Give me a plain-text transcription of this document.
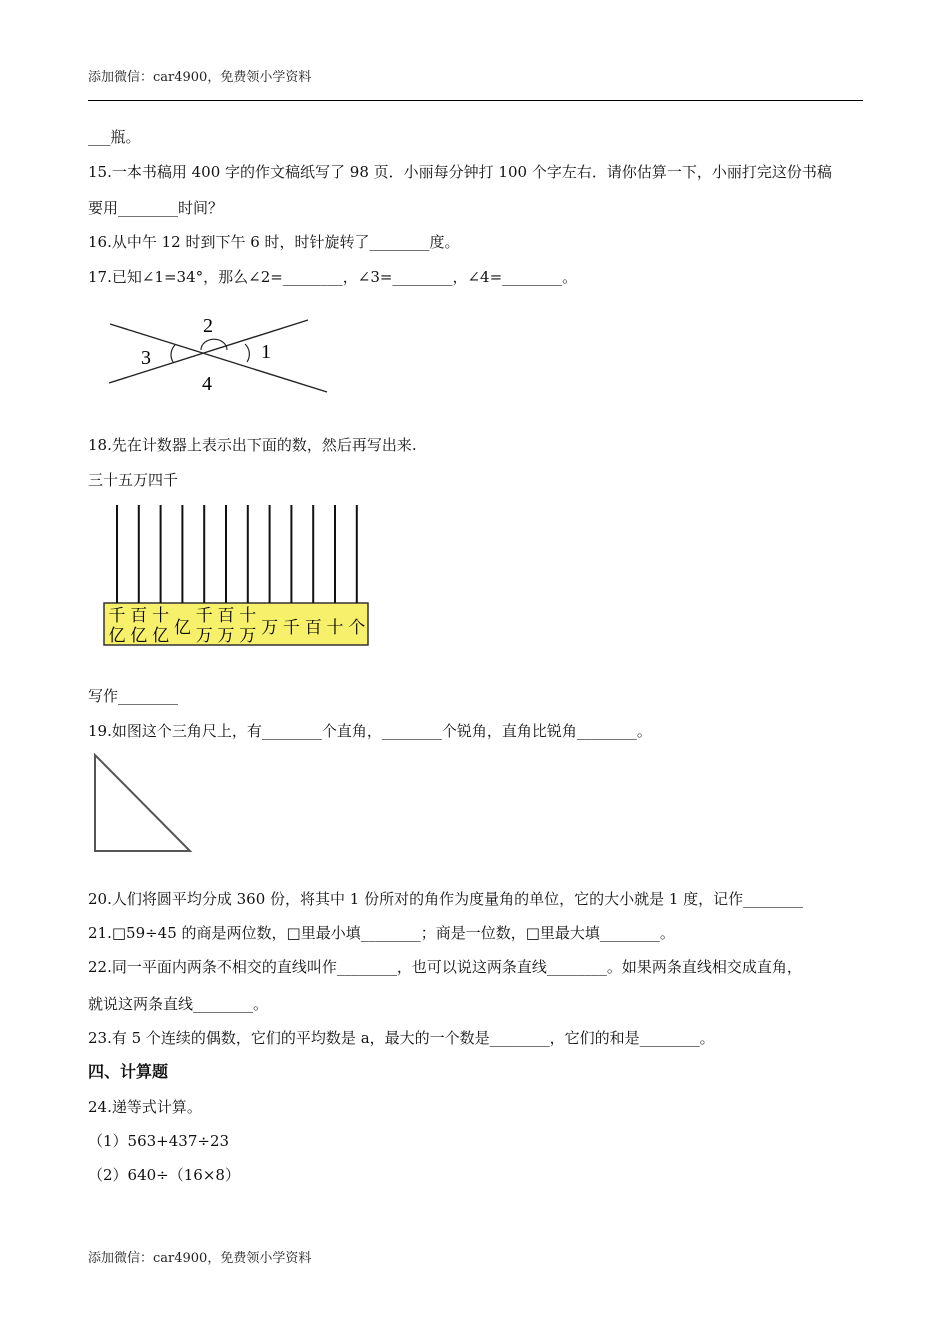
添加微信：car4900，免费领小学资料
___瓶。
15.一本书稿用 400 字的作文稿纸写了 98 页．小丽每分钟打 100 个字左右．请你估算一下，小丽打完这份书稿
要用________时间？
16.从中午 12 时到下午 6 时，时针旋转了________度。
17.已知∠1=34°，那么∠2=________，∠3=________，∠4=________。
1
2
3
4
18.先在计数器上表示出下面的数，然后再写出来.
三十五万四千
千
亿
百
亿
十
亿 亿
千
万
百
万
十
万 万 千 百 十 个
写作________
19.如图这个三角尺上，有________个直角，________个锐角，直角比锐角________。
20.人们将圆平均分成 360 份，将其中 1 份所对的角作为度量角的单位，它的大小就是 1 度，记作________
21.□59÷45 的商是两位数，□里最小填________；商是一位数，□里最大填________。
22.同一平面内两条不相交的直线叫作________，也可以说这两条直线________。如果两条直线相交成直角，
就说这两条直线________。
23.有 5 个连续的偶数，它们的平均数是 a，最大的一个数是________，它们的和是________。
四、计算题
24.递等式计算。
（1）563+437÷23
（2）640÷（16×8）
添加微信：car4900，免费领小学资料
